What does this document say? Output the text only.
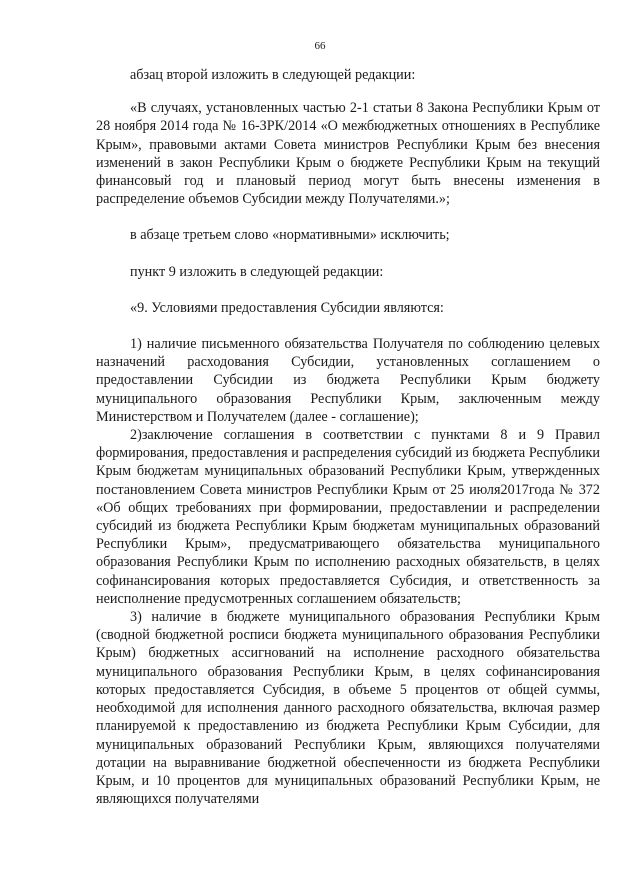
66

абзац второй изложить в следующей редакции:

«В случаях, установленных частью 2-1 статьи 8 Закона Республики Крым от 28 ноября 2014 года № 16-ЗРК/2014 «О межбюджетных отношениях в Республике Крым», правовыми актами Совета министров Республики Крым без внесения изменений в закон Республики Крым о бюджете Республики Крым на текущий финансовый год и плановый период могут быть внесены изменения в распределение объемов Субсидии между Получателями.»;

в абзаце третьем слово «нормативными» исключить;

пункт 9 изложить в следующей редакции:

«9. Условиями предоставления Субсидии являются:

1) наличие письменного обязательства Получателя по соблюдению целевых назначений расходования Субсидии, установленных соглашением о предоставлении Субсидии из бюджета Республики Крым бюджету муниципального образования Республики Крым, заключенным между Министерством и Получателем (далее - соглашение);

2)заключение соглашения в соответствии с пунктами 8 и 9 Правил формирования, предоставления и распределения субсидий из бюджета Республики Крым бюджетам муниципальных образований Республики Крым, утвержденных постановлением Совета министров Республики Крым от 25 июля2017года № 372 «Об общих требованиях при формировании, предоставлении и распределении субсидий из бюджета Республики Крым бюджетам муниципальных образований Республики Крым», предусматривающего обязательства муниципального образования Республики Крым по исполнению расходных обязательств, в целях софинансирования которых предоставляется Субсидия, и ответственность за неисполнение предусмотренных соглашением обязательств;

3) наличие в бюджете муниципального образования Республики Крым (сводной бюджетной росписи бюджета муниципального образования Республики Крым) бюджетных ассигнований на исполнение расходного обязательства муниципального образования Республики Крым, в целях софинансирования которых предоставляется Субсидия, в объеме 5 процентов от общей суммы, необходимой для исполнения данного расходного обязательства, включая размер планируемой к предоставлению из бюджета Республики Крым Субсидии, для муниципальных образований Республики Крым, являющихся получателями дотации на выравнивание бюджетной обеспеченности из бюджета Республики Крым, и 10 процентов для муниципальных образований Республики Крым, не являющихся получателями
